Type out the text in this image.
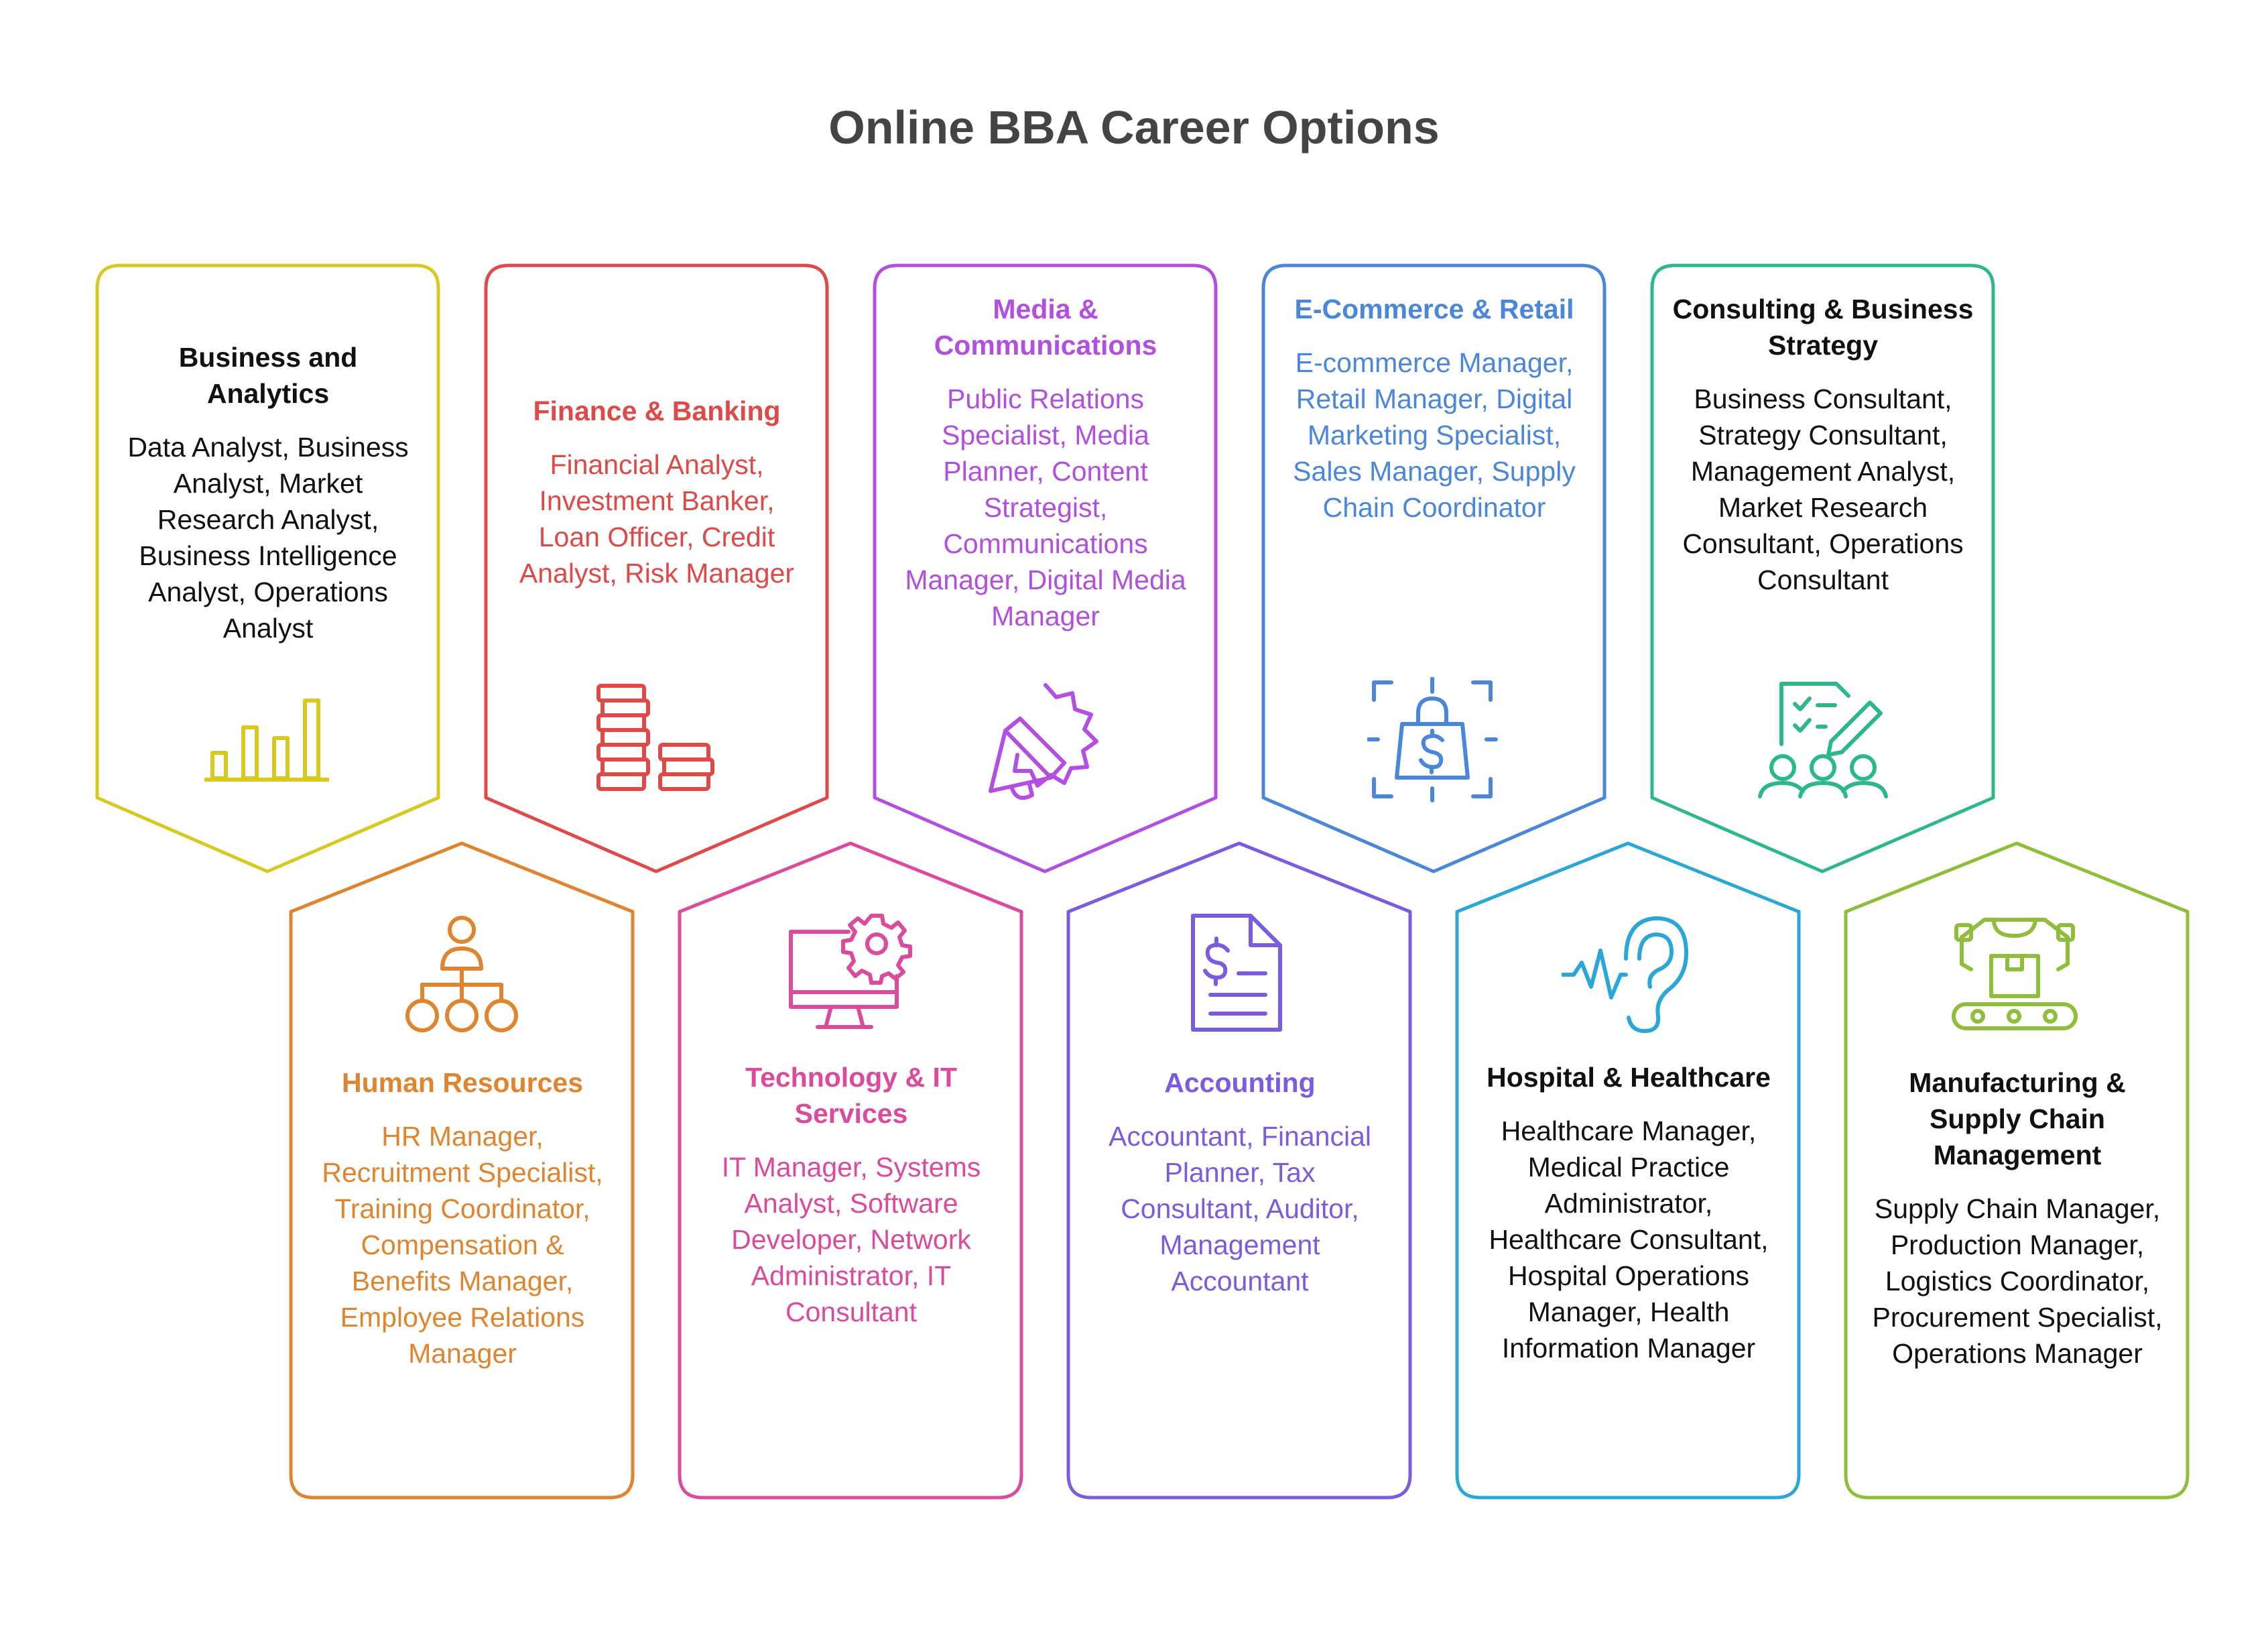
Online BBA Career Options
Business and Analytics
Data Analyst, Business Analyst, Market Research Analyst, Business Intelligence Analyst, Operations Analyst
Finance & Banking
Financial Analyst, Investment Banker, Loan Officer, Credit Analyst, Risk Manager
Media & Communications
Public Relations Specialist, Media Planner, Content Strategist, Communications Manager, Digital Media Manager
E-Commerce & Retail
E-commerce Manager, Retail Manager, Digital Marketing Specialist, Sales Manager, Supply Chain Coordinator
Consulting & Business Strategy
Business Consultant, Strategy Consultant, Management Analyst, Market Research Consultant, Operations Consultant
Human Resources
HR Manager, Recruitment Specialist, Training Coordinator, Compensation & Benefits Manager, Employee Relations Manager
Technology & IT Services
IT Manager, Systems Analyst, Software Developer, Network Administrator, IT Consultant
Accounting
Accountant, Financial Planner, Tax Consultant, Auditor, Management Accountant
Hospital & Healthcare
Healthcare Manager, Medical Practice Administrator, Healthcare Consultant, Hospital Operations Manager, Health Information Manager
Manufacturing & Supply Chain Management
Supply Chain Manager, Production Manager, Logistics Coordinator, Procurement Specialist, Operations Manager
